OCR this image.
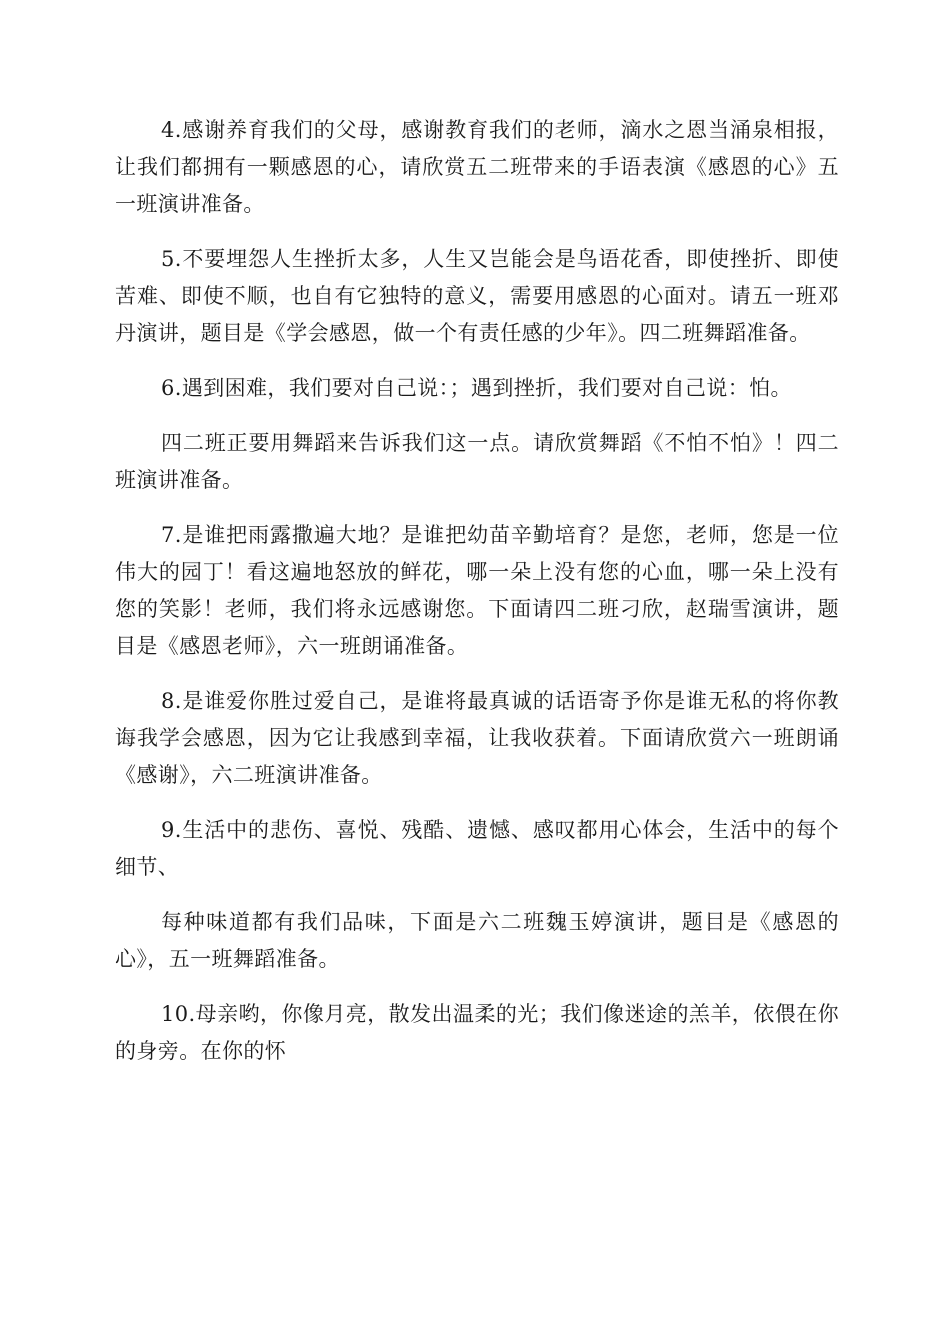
4.感谢养育我们的父母，感谢教育我们的老师，滴水之恩当涌泉相报，让我们都拥有一颗感恩的心，请欣赏五二班带来的手语表演《感恩的心》五一班演讲准备。

5.不要埋怨人生挫折太多，人生又岂能会是鸟语花香，即使挫折、即使苦难、即使不顺，也自有它独特的意义，需要用感恩的心面对。请五一班邓丹演讲，题目是《学会感恩，做一个有责任感的少年》。四二班舞蹈准备。

6.遇到困难，我们要对自己说：；遇到挫折，我们要对自己说：怕。

四二班正要用舞蹈来告诉我们这一点。请欣赏舞蹈《不怕不怕》！四二班演讲准备。

7.是谁把雨露撒遍大地？是谁把幼苗辛勤培育？是您，老师，您是一位伟大的园丁！看这遍地怒放的鲜花，哪一朵上没有您的心血，哪一朵上没有您的笑影！老师，我们将永远感谢您。下面请四二班刁欣，赵瑞雪演讲，题目是《感恩老师》，六一班朗诵准备。

8.是谁爱你胜过爱自己，是谁将最真诚的话语寄予你是谁无私的将你教诲我学会感恩，因为它让我感到幸福，让我收获着。下面请欣赏六一班朗诵《感谢》，六二班演讲准备。

9.生活中的悲伤、喜悦、残酷、遗憾、感叹都用心体会，生活中的每个细节、

每种味道都有我们品味，下面是六二班魏玉婷演讲，题目是《感恩的心》，五一班舞蹈准备。

10.母亲哟，你像月亮，散发出温柔的光；我们像迷途的羔羊，依偎在你的身旁。在你的怀
